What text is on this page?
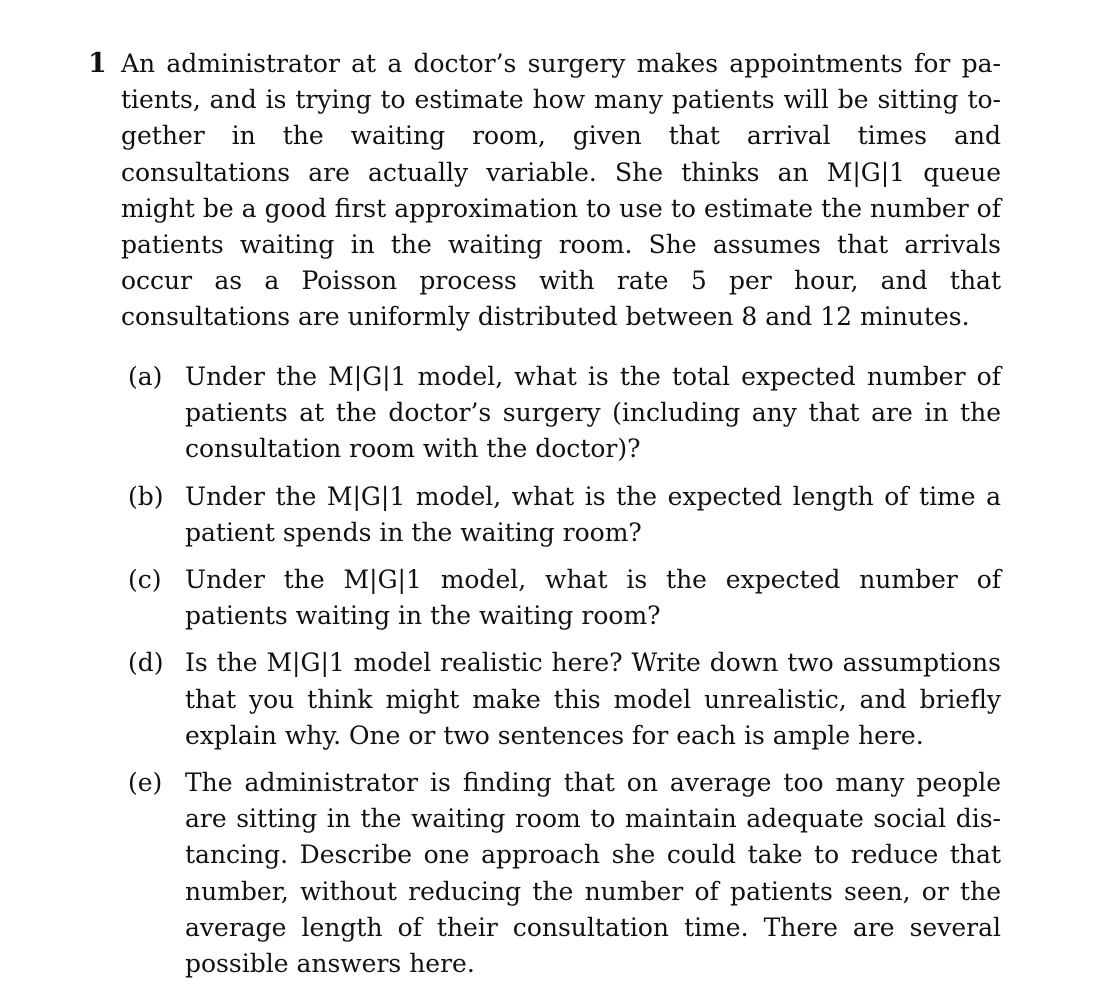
1 An administrator at a doctor’s surgery makes appointments for patients, and is trying to estimate how many patients will be sitting together in the waiting room, given that arrival times and consultations are actually variable. She thinks an M|G|1 queue might be a good first approximation to use to estimate the number of patients waiting in the waiting room. She assumes that arrivals occur as a Poisson process with rate 5 per hour, and that consultations are uniformly distributed between 8 and 12 minutes.
(a) Under the M|G|1 model, what is the total expected number of patients at the doctor’s surgery (including any that are in the consultation room with the doctor)?
(b) Under the M|G|1 model, what is the expected length of time a patient spends in the waiting room?
(c) Under the M|G|1 model, what is the expected number of patients waiting in the waiting room?
(d) Is the M|G|1 model realistic here? Write down two assumptions that you think might make this model unrealistic, and briefly explain why. One or two sentences for each is ample here.
(e) The administrator is finding that on average too many people are sitting in the waiting room to maintain adequate social distancing. Describe one approach she could take to reduce that number, without reducing the number of patients seen, or the average length of their consultation time. There are several possible answers here.
